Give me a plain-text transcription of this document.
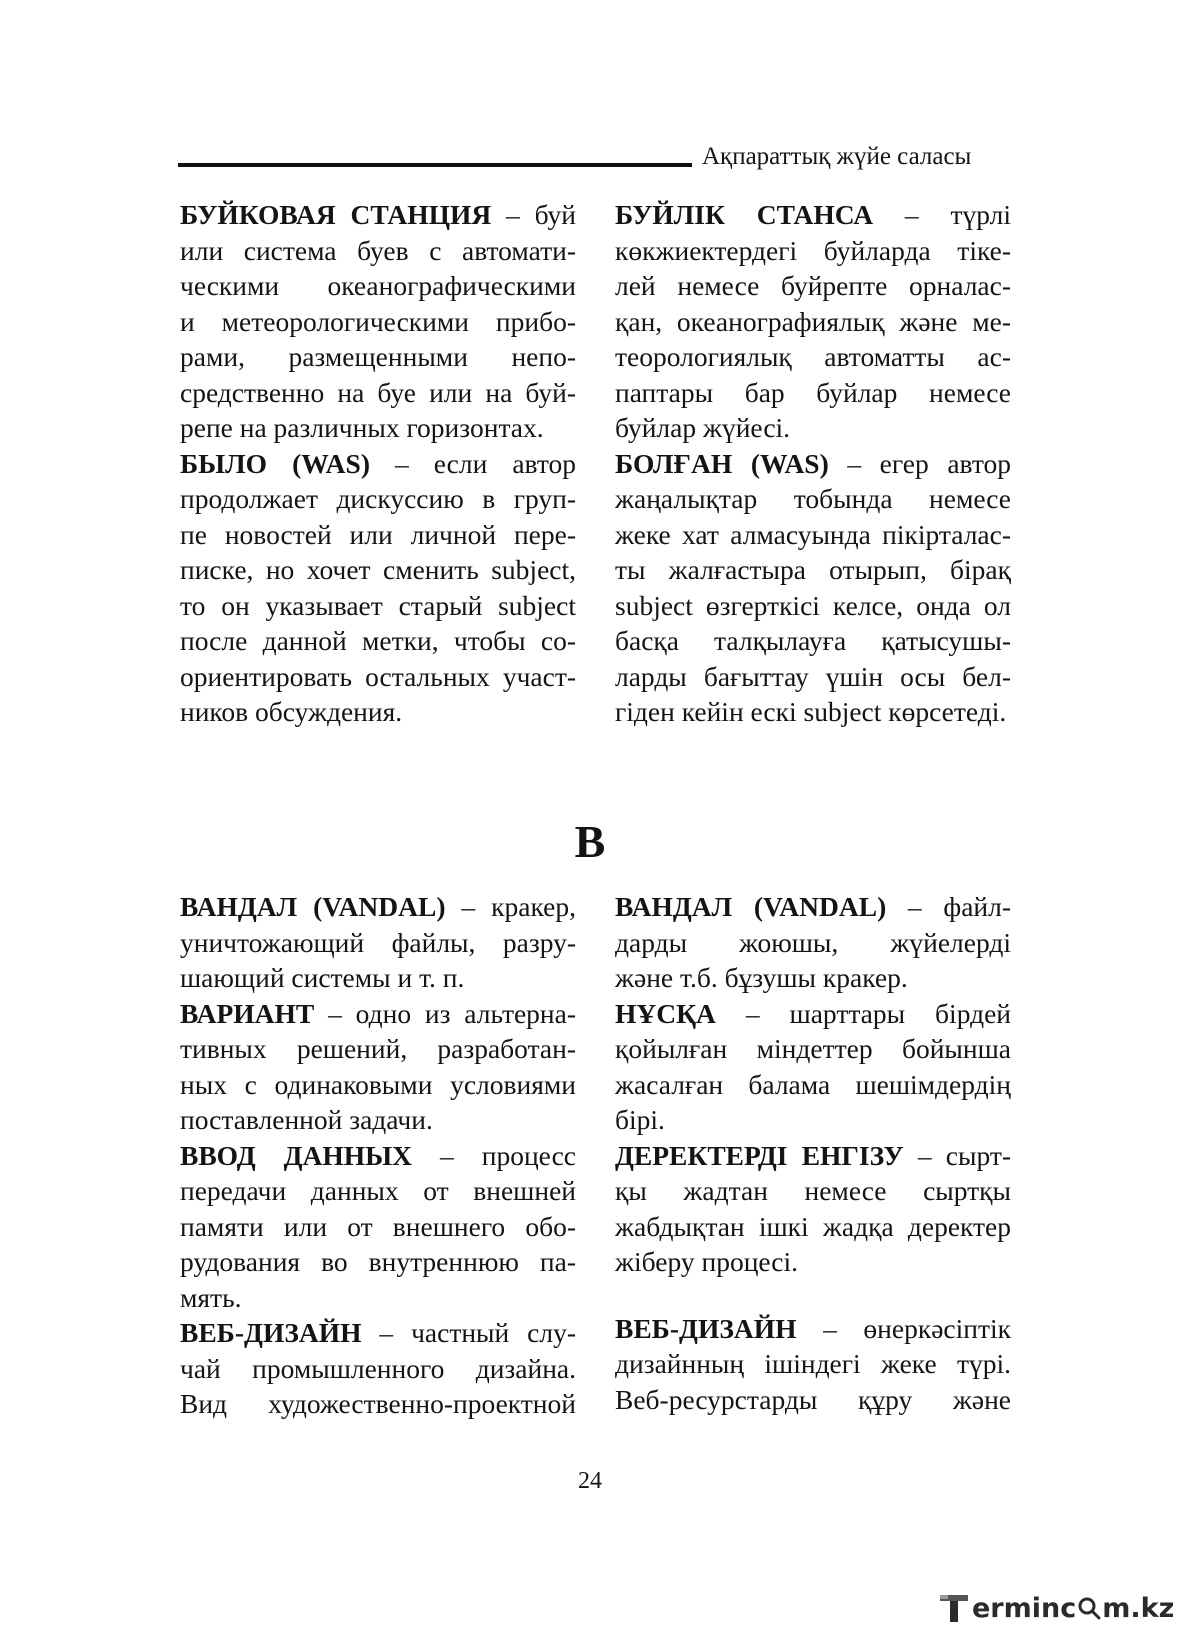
Ақпараттық жүйе саласы
БУЙКОВАЯ СТАНЦИЯ – буй
или система буев с автомати-
ческими океанографическими
и метеорологическими прибо-
рами, размещенными непо-
средственно на буе или на буй-
репе на различных горизонтах.
БЫЛО (WAS) – если автор
продолжает дискуссию в груп-
пе новостей или личной пере-
писке, но хочет сменить subject,
то он указывает старый subject
после данной метки, чтобы со-
ориентировать остальных участ-
ников обсуждения.
БУЙЛІК СТАНСА – түрлі
көкжиектердегі буйларда тіке-
лей немесе буйрепте орналас-
қан, океанографиялық және ме-
теорологиялық автоматты ас-
паптары бар буйлар немесе
буйлар жүйесі.
БОЛҒАН (WAS) – егер автор
жаңалықтар тобында немесе
жеке хат алмасуында пікірталас-
ты жалғастыра отырып, бірақ
subject өзгерткісі келсе, онда ол
басқа талқылауға қатысушы-
ларды бағыттау үшін осы бел-
гіден кейін ескі subject көрсетеді.
В
ВАНДАЛ (VANDAL) – кракер,
уничтожающий файлы, разру-
шающий системы и т. п.
ВАРИАНТ – одно из альтерна-
тивных решений, разработан-
ных с одинаковыми условиями
поставленной задачи.
ВВОД ДАННЫХ – процесс
передачи данных от внешней
памяти или от внешнего обо-
рудования во внутреннюю па-
мять.
ВЕБ-ДИЗАЙН – частный слу-
чай промышленного дизайна.
Вид художественно-проектной
ВАНДАЛ (VANDAL) – файл-
дарды жоюшы, жүйелерді
және т.б. бұзушы кракер.
НҰСҚА – шарттары бірдей
қойылған міндеттер бойынша
жасалған балама шешімдердің
бірі.
ДЕРЕКТЕРДІ ЕНГІЗУ – сырт-
қы жадтан немесе сыртқы
жабдықтан ішкі жадқа деректер
жіберу процесі.
ВЕБ-ДИЗАЙН – өнеркәсіптік
дизайнның ішіндегі жеке түрі.
Веб-ресурстарды құру және
24
ermin c m.kz
